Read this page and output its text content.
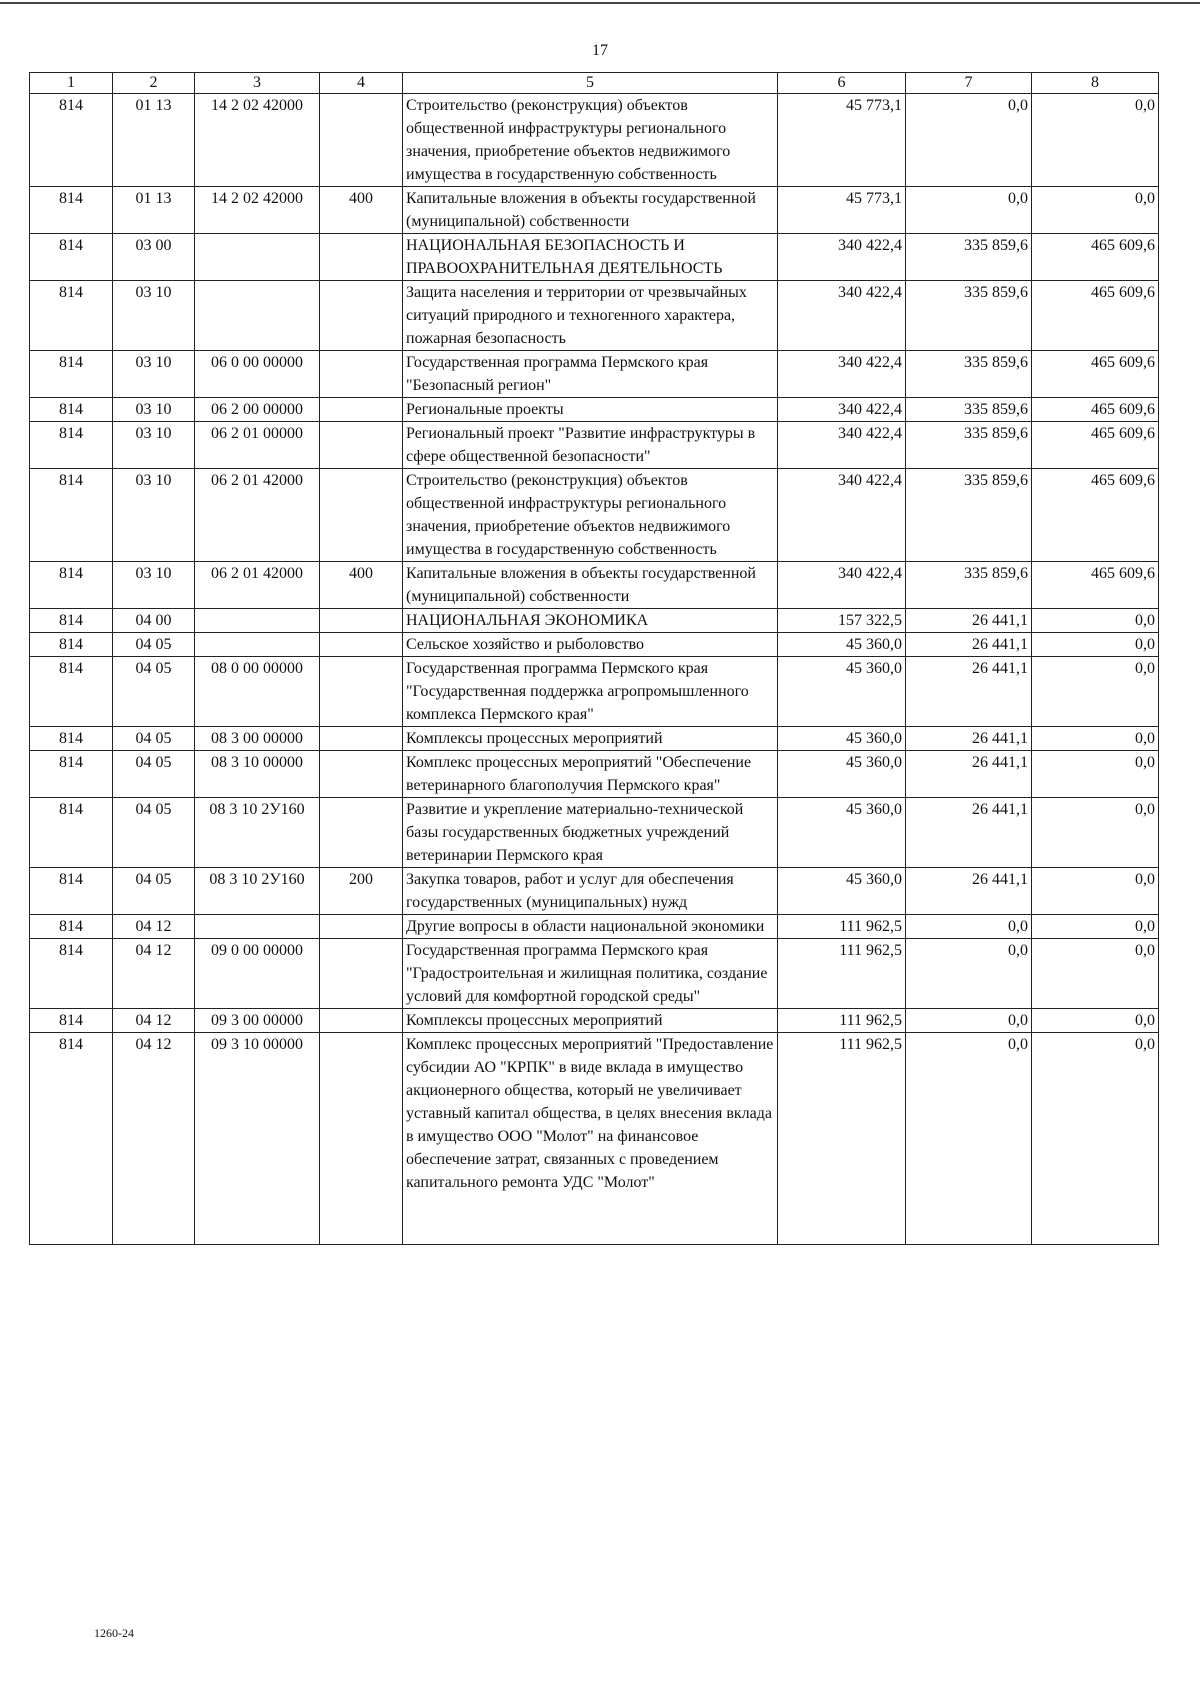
17
1	2	3	4	5	6	7	8
814	01 13	14 2 02 42000		Строительство (реконструкция) объектов общественной инфраструктуры регионального значения, приобретение объектов недвижимого имущества в государственную собственность	45 773,1	0,0	0,0
814	01 13	14 2 02 42000	400	Капитальные вложения в объекты государственной (муниципальной) собственности	45 773,1	0,0	0,0
814	03 00			НАЦИОНАЛЬНАЯ БЕЗОПАСНОСТЬ И ПРАВООХРАНИТЕЛЬНАЯ ДЕЯТЕЛЬНОСТЬ	340 422,4	335 859,6	465 609,6
814	03 10			Защита населения и территории от чрезвычайных ситуаций природного и техногенного характера, пожарная безопасность	340 422,4	335 859,6	465 609,6
814	03 10	06 0 00 00000		Государственная программа Пермского края "Безопасный регион"	340 422,4	335 859,6	465 609,6
814	03 10	06 2 00 00000		Региональные проекты	340 422,4	335 859,6	465 609,6
814	03 10	06 2 01 00000		Региональный проект "Развитие инфраструктуры в сфере общественной безопасности"	340 422,4	335 859,6	465 609,6
814	03 10	06 2 01 42000		Строительство (реконструкция) объектов общественной инфраструктуры регионального значения, приобретение объектов недвижимого имущества в государственную собственность	340 422,4	335 859,6	465 609,6
814	03 10	06 2 01 42000	400	Капитальные вложения в объекты государственной (муниципальной) собственности	340 422,4	335 859,6	465 609,6
814	04 00			НАЦИОНАЛЬНАЯ ЭКОНОМИКА	157 322,5	26 441,1	0,0
814	04 05			Сельское хозяйство и рыболовство	45 360,0	26 441,1	0,0
814	04 05	08 0 00 00000		Государственная программа Пермского края "Государственная поддержка агропромышленного комплекса Пермского края"	45 360,0	26 441,1	0,0
814	04 05	08 3 00 00000		Комплексы процессных мероприятий	45 360,0	26 441,1	0,0
814	04 05	08 3 10 00000		Комплекс процессных мероприятий "Обеспечение ветеринарного благополучия Пермского края"	45 360,0	26 441,1	0,0
814	04 05	08 3 10 2У160		Развитие и укрепление материально-технической базы государственных бюджетных учреждений ветеринарии Пермского края	45 360,0	26 441,1	0,0
814	04 05	08 3 10 2У160	200	Закупка товаров, работ и услуг для обеспечения государственных (муниципальных) нужд	45 360,0	26 441,1	0,0
814	04 12			Другие вопросы в области национальной экономики	111 962,5	0,0	0,0
814	04 12	09 0 00 00000		Государственная программа Пермского края "Градостроительная и жилищная политика, создание условий для комфортной городской среды"	111 962,5	0,0	0,0
814	04 12	09 3 00 00000		Комплексы процессных мероприятий	111 962,5	0,0	0,0
814	04 12	09 3 10 00000		Комплекс процессных мероприятий "Предоставление субсидии АО "КРПК" в виде вклада в имущество акционерного общества, который не увеличивает уставный капитал общества, в целях внесения вклада в имущество ООО "Молот" на финансовое обеспечение затрат, связанных с проведением капитального ремонта УДС "Молот"	111 962,5	0,0	0,0
1260-24
